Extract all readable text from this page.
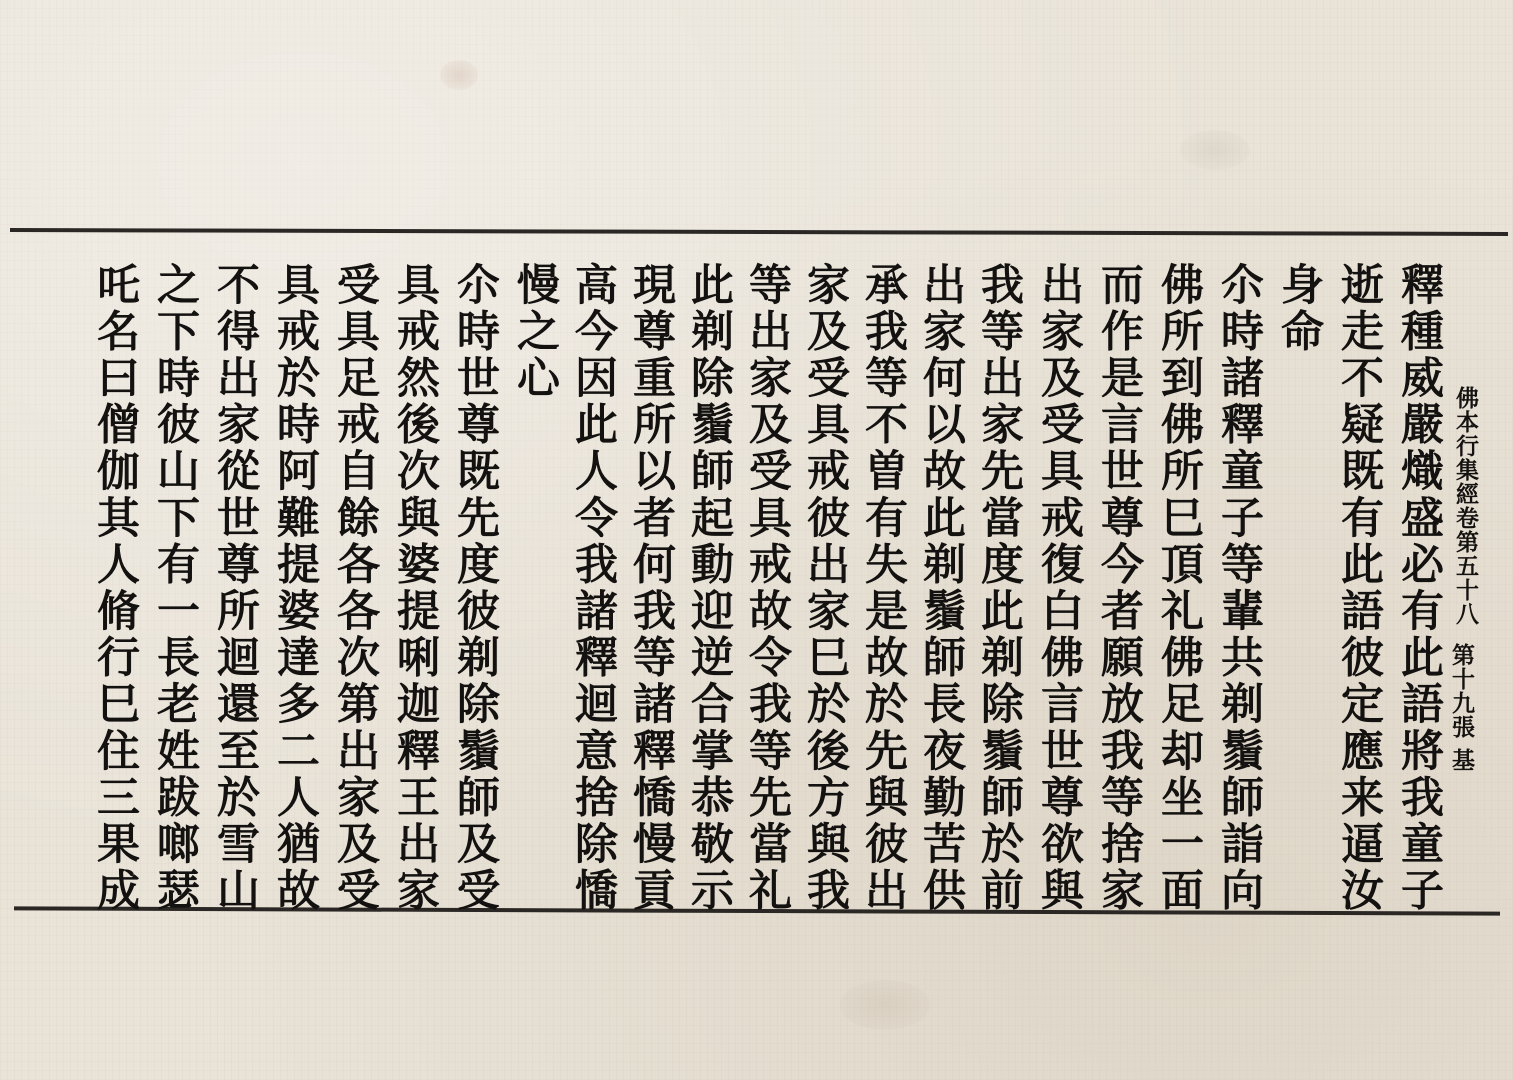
佛本行集經卷第五十八
第十九張 基
釋種威嚴熾盛必有此語將我童子
逝走不疑既有此語彼定應来逼汝
身命
尒時諸釋童子等輩共剃鬚師詣向
佛所到佛所巳頂礼佛足却坐一面
而作是言世尊今者願放我等捨家
出家及受具戒復白佛言世尊欲與
我等出家先當度此剃除鬚師於前
出家何以故此剃鬚師長夜勤苦供
承我等不曽有失是故於先與彼出
家及受具戒彼出家巳於後方與我
等出家及受具戒故令我等先當礼
此剃除鬚師起動迎逆合掌恭敬示
現尊重所以者何我等諸釋憍慢貢
高今因此人令我諸釋迴意捨除憍
慢之心
尒時世尊既先度彼剃除鬚師及受
具戒然後次與婆提唎迦釋王出家
受具足戒自餘各各次第出家及受
具戒於時阿難提婆達多二人猶故
不得出家從世尊所迴還至於雪山
之下時彼山下有一長老姓跋啷瑟
吒名曰僧伽其人脩行巳住三果成
